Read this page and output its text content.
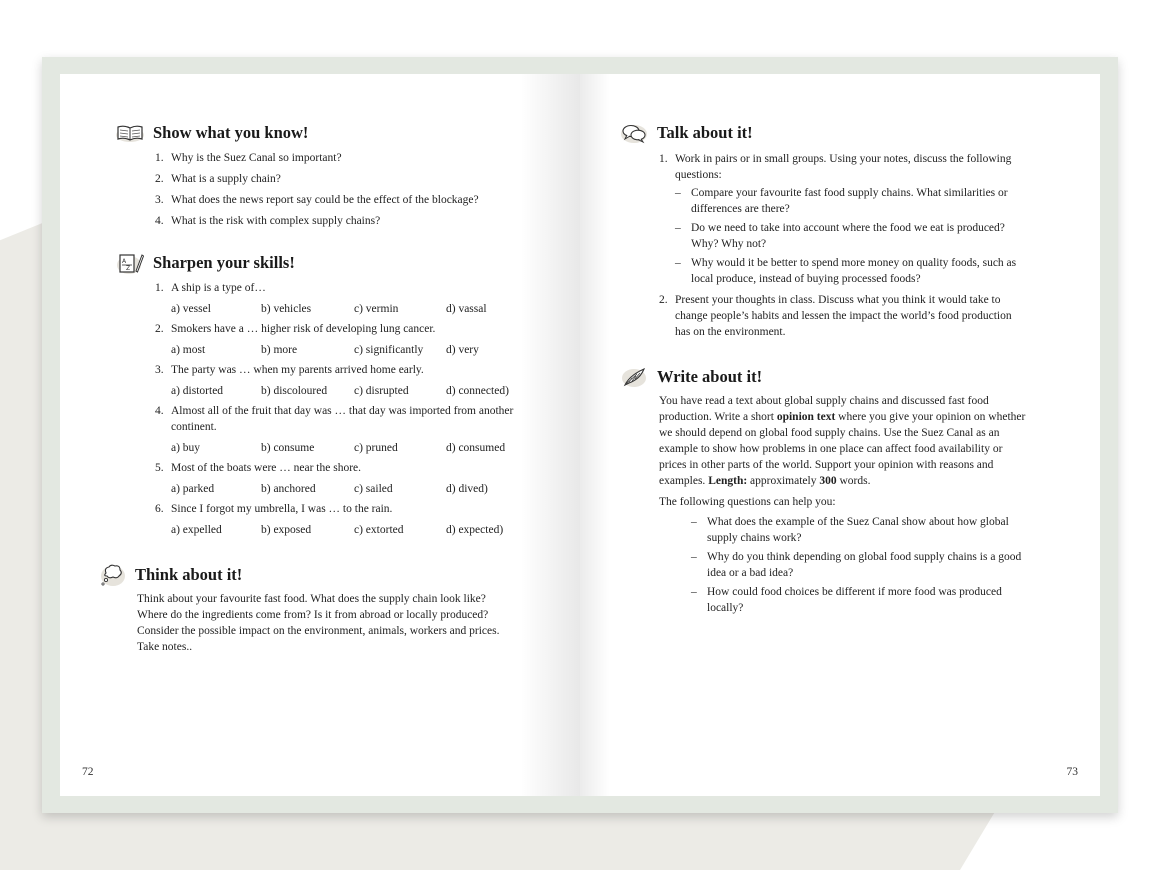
Show what you know!
1. Why is the Suez Canal so important?
2. What is a supply chain?
3. What does the news report say could be the effect of the blockage?
4. What is the risk with complex supply chains?
A
Z Sharpen your skills!
1. A ship is a type of…
a) vessel	b) vehicles	c) vermin	d) vassal
2. Smokers have a … higher risk of developing lung cancer.
a) most	b) more	c) significantly	d) very
3. The party was … when my parents arrived home early.
a) distorted	b) discoloured	c) disrupted	d) connected)
4. Almost all of the fruit that day was … that day was imported from another continent.
a) buy	b) consume	c) pruned	d) consumed
5. Most of the boats were … near the shore.
a) parked	b) anchored	c) sailed	d) dived)
6. Since I forgot my umbrella, I was … to the rain.
a) expelled	b) exposed	c) extorted	d) expected)
Think about it!

Think about your favourite fast food. What does the supply chain look like? Where do the ingredients come from? Is it from abroad or locally produced?Consider the possible impact on the environment, animals, workers and prices. Take notes..

72
Talk about it!
1. Work in pairs or in small groups. Using your notes, discuss the following questions:
– Compare your favourite fast food supply chains. What similarities or differences are there?
– Do we need to take into account where the food we eat is produced? Why? Why not?
– Why would it be better to spend more money on quality foods, such as local produce, instead of buying processed foods?
2. Present your thoughts in class. Discuss what you think it would take to change people’s habits and lessen the impact the world’s food production has on the environment.
Write about it!

You have read a text about global supply chains and discussed fast food production. Write a short opinion text where you give your opinion on whether we should depend on global food supply chains. Use the Suez Canal as an example to show how problems in one place can affect food availability or prices in other parts of the world. Support your opinion with reasons and examples. Length: approximately 300 words.

The following questions can help you:

– What does the example of the Suez Canal show about how global supply chains work?
– Why do you think depending on global food supply chains is a good idea or a bad idea?
– How could food choices be different if more food was produced locally?
73
